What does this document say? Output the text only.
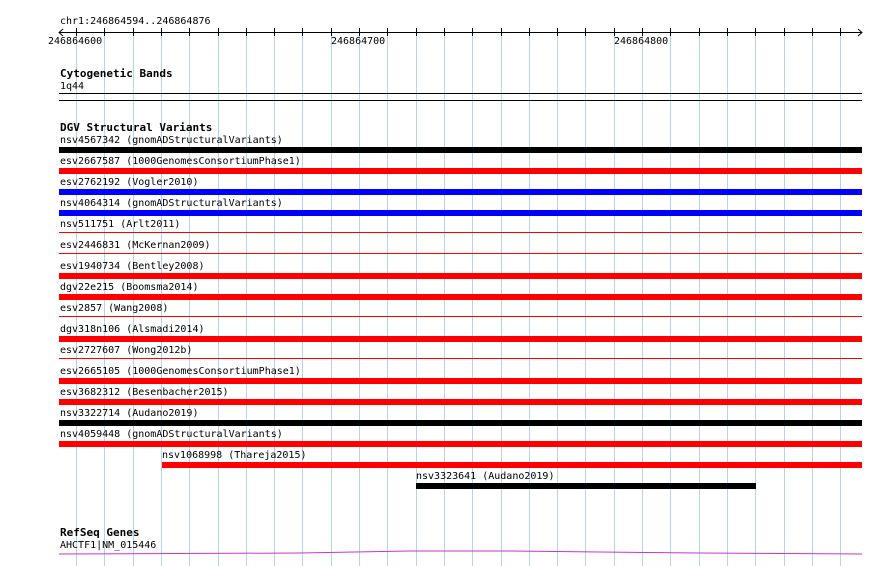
chr1:246864594..246864876
246864600	246864700	246864800
Cytogenetic Bands
1q44
DGV Structural Variants
nsv4567342 (gnomADStructuralVariants)
esv2667587 (1000GenomesConsortiumPhase1)
esv2762192 (Vogler2010)
nsv4064314 (gnomADStructuralVariants)
nsv511751 (Arlt2011)
esv2446831 (McKernan2009)
esv1940734 (Bentley2008)
dgv22e215 (Boomsma2014)
esv2857 (Wang2008)
dgv318n106 (Alsmadi2014)
esv2727607 (Wong2012b)
esv2665105 (1000GenomesConsortiumPhase1)
esv3682312 (Besenbacher2015)
nsv3322714 (Audano2019)
nsv4059448 (gnomADStructuralVariants)
nsv1068998 (Thareja2015)
nsv3323641 (Audano2019)
RefSeq Genes
AHCTF1|NM_015446
